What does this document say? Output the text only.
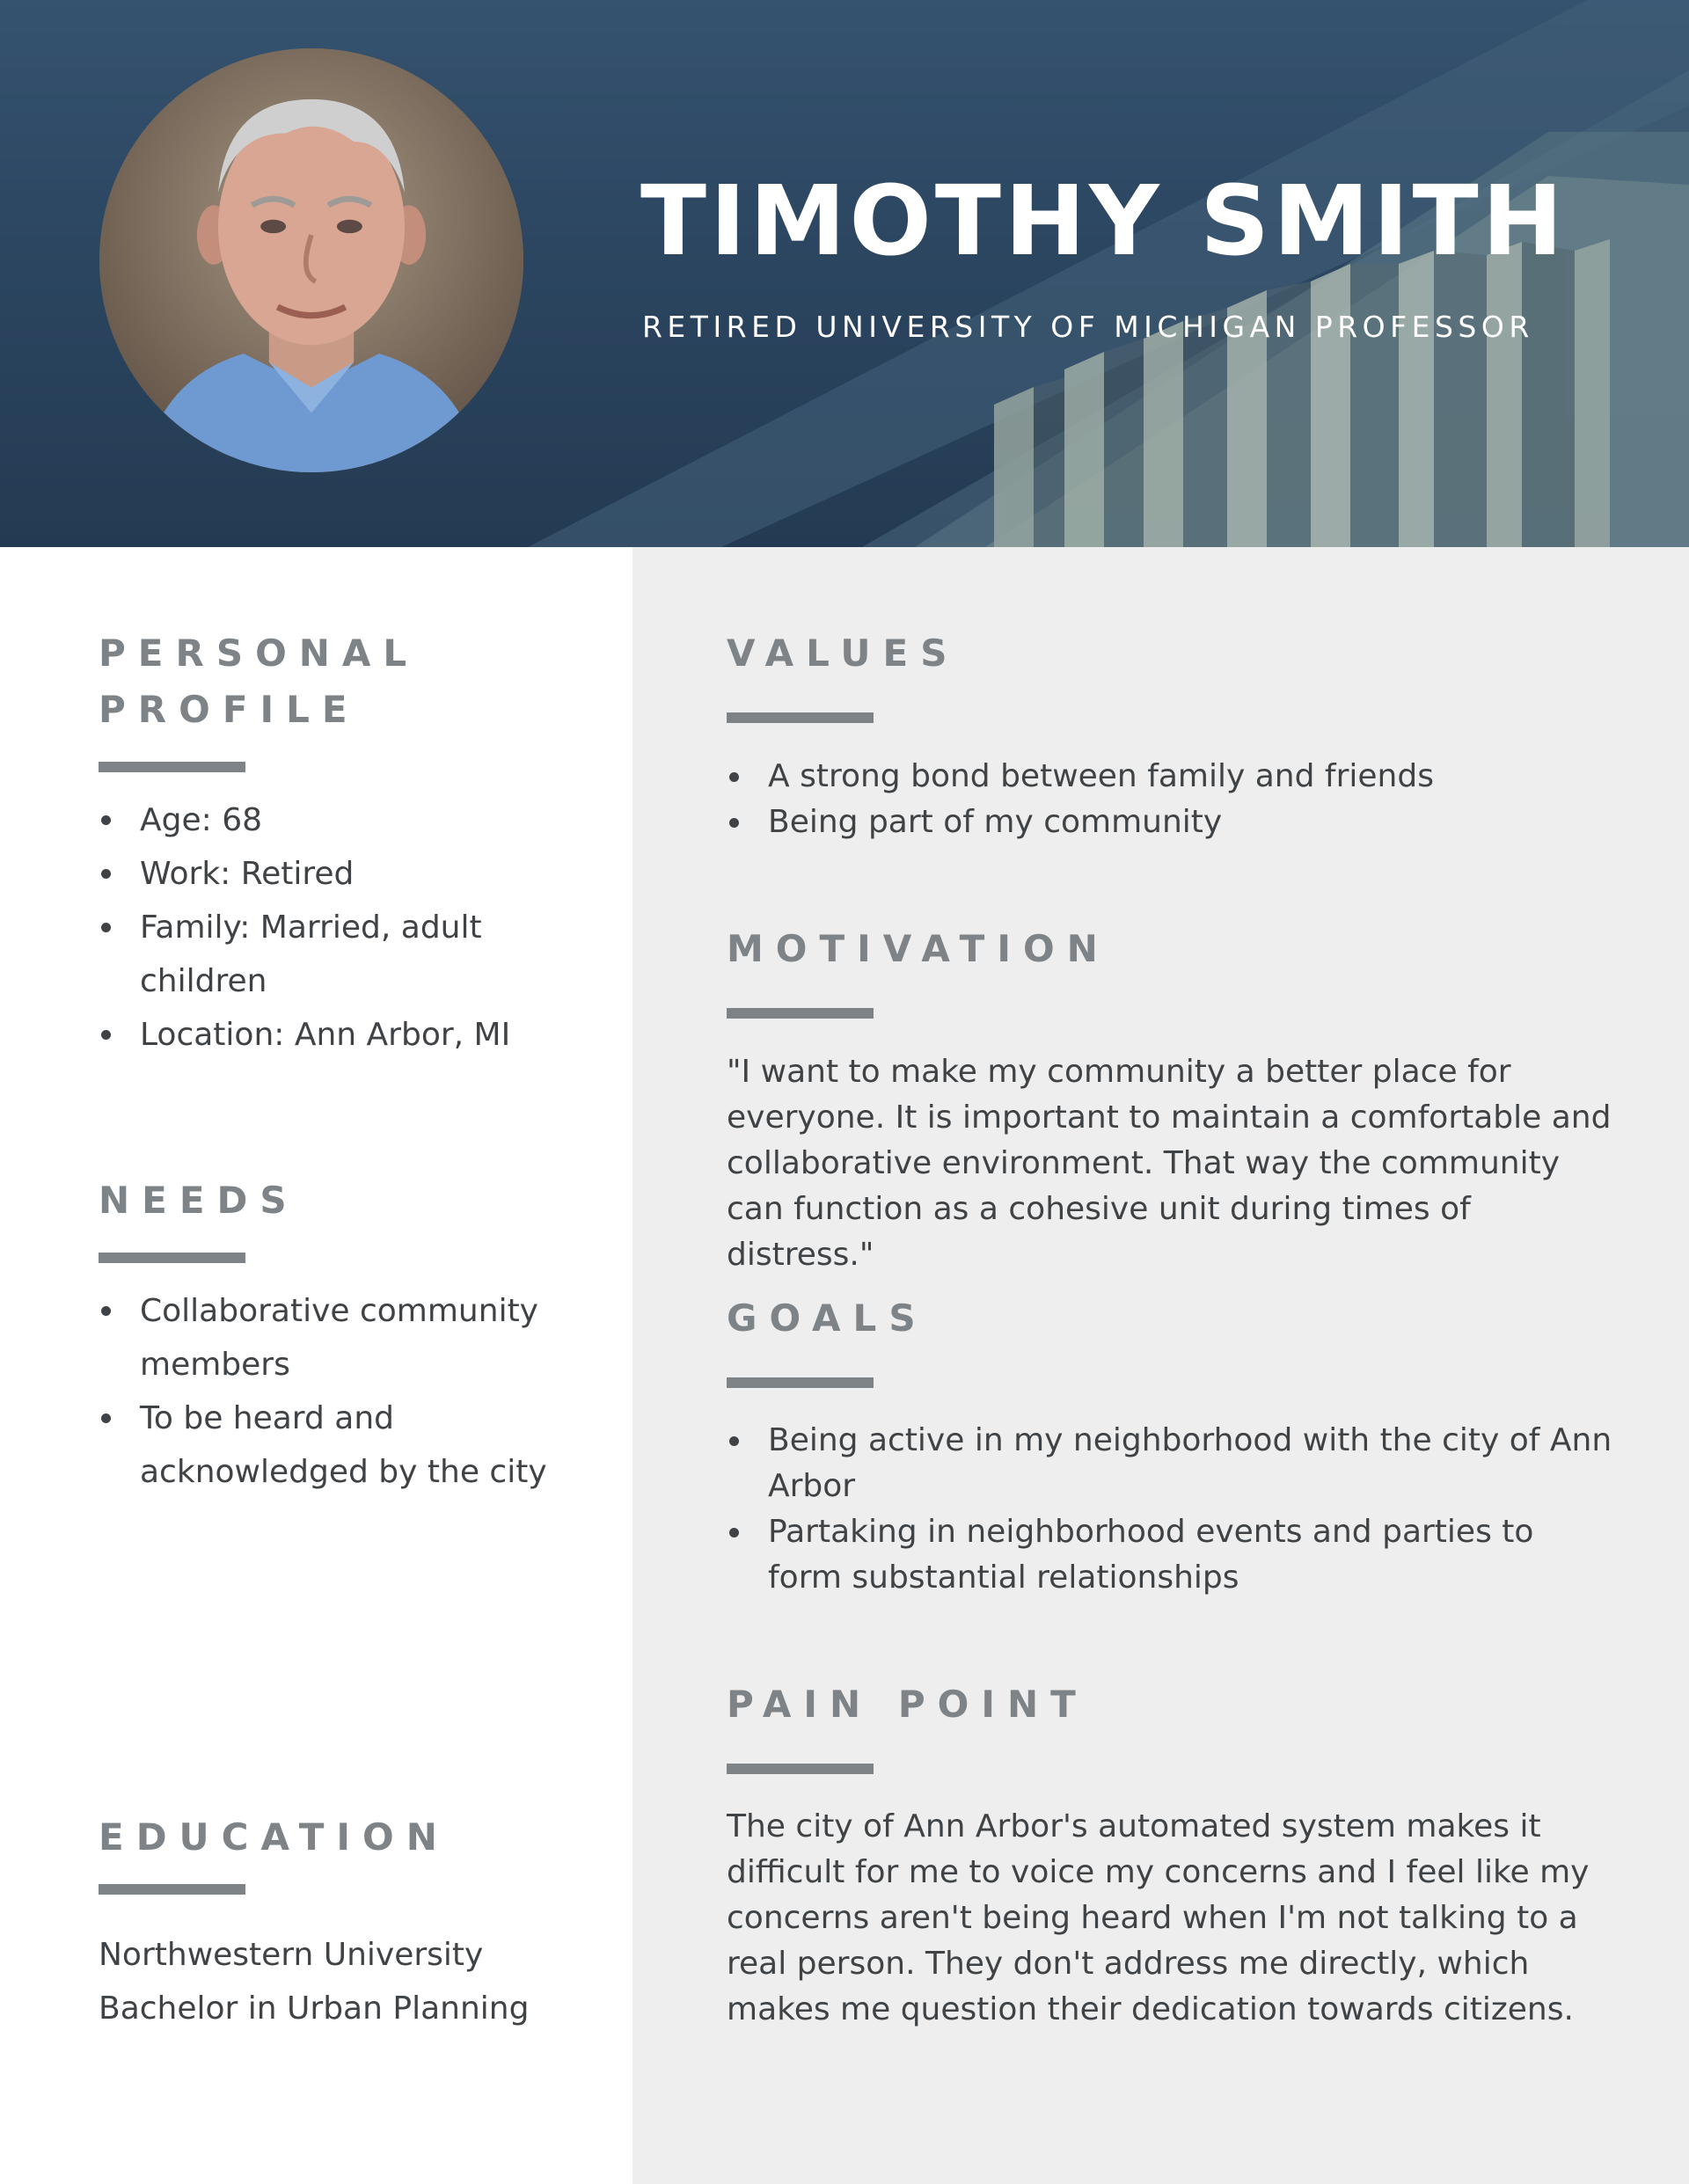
TIMOTHY SMITH

RETIRED UNIVERSITY OF MICHIGAN PROFESSOR

PERSONAL
PROFILE
Age: 68
Work: Retired
Family: Married, adult children
Location: Ann Arbor, MI
NEEDS
Collaborative community members
To be heard and acknowledged by the city
EDUCATION
Northwestern University
Bachelor in Urban Planning
VALUES
A strong bond between family and friends
Being part of my community
MOTIVATION

"I want to make my community a better place for everyone. It is important to maintain a comfortable and collaborative environment. That way the community can function as a cohesive unit during times of distress."

GOALS
Being active in my neighborhood with the city of Ann Arbor
Partaking in neighborhood events and parties to form substantial relationships
PAIN POINT

The city of Ann Arbor's automated system makes it difficult for me to voice my concerns and I feel like my concerns aren't being heard when I'm not talking to a real person. They don't address me directly, which makes me question their dedication towards citizens.
